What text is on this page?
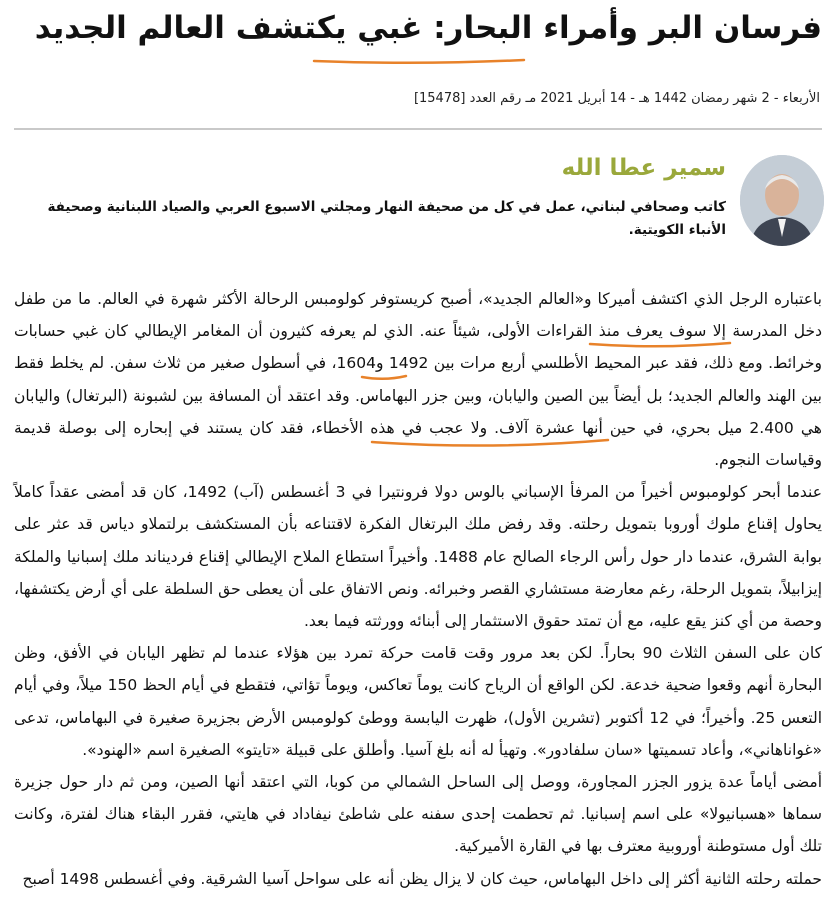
فرسان البر وأمراء البحار: غبي يكتشف العالم الجديد
الأربعاء - 2 شهر رمضان 1442 هـ - 14 أبريل 2021 مـ رقم العدد [15478]
سمير عطا الله

كاتب وصحافي لبناني، عمل في كل من صحيفة النهار ومجلتي الاسبوع العربي والصياد اللبنانية وصحيفة الأنباء الكويتية.

باعتباره الرجل الذي اكتشف أميركا و«العالم الجديد»، أصبح كريستوفر كولومبس الرحالة الأكثر شهرة في العالم. ما من طفل دخل المدرسة إلا سوف يعرف منذ القراءات الأولى، شيئاً عنه. الذي لم يعرفه كثيرون أن المغامر الإيطالي كان غبي حسابات وخرائط. ومع ذلك، فقد عبر المحيط الأطلسي أربع مرات بين 1492 و1604، في أسطول صغير من ثلاث سفن. لم يخلط فقط بين الهند والعالم الجديد؛ بل أيضاً بين الصين واليابان، وبين جزر البهاماس. وقد اعتقد أن المسافة بين لشبونة (البرتغال) واليابان هي 2.400 ميل بحري، في حين أنها عشرة آلاف. ولا عجب في هذه الأخطاء، فقد كان يستند في إبحاره إلى بوصلة قديمة وقياسات النجوم.

عندما أبحر كولومبوس أخيراً من المرفأ الإسباني بالوس دولا فرونتيرا في 3 أغسطس (آب) 1492، كان قد أمضى عقداً كاملاً يحاول إقناع ملوك أوروبا بتمويل رحلته. وقد رفض ملك البرتغال الفكرة لاقتناعه بأن المستكشف برلتملاو دياس قد عثر على بوابة الشرق، عندما دار حول رأس الرجاء الصالح عام 1488. وأخيراً استطاع الملاح الإيطالي إقناع فرديناند ملك إسبانيا والملكة إيزابيلاً، بتمويل الرحلة، رغم معارضة مستشاري القصر وخبرائه. ونص الاتفاق على أن يعطى حق السلطة على أي أرض يكتشفها، وحصة من أي كنز يقع عليه، مع أن تمتد حقوق الاستثمار إلى أبنائه وورثته فيما بعد.

كان على السفن الثلاث 90 بحاراً. لكن بعد مرور وقت قامت حركة تمرد بين هؤلاء عندما لم تظهر اليابان في الأفق، وظن البحارة أنهم وقعوا ضحية خدعة. لكن الواقع أن الرياح كانت يوماً تعاكس، ويوماً تؤاتي، فتقطع في أيام الحظ 150 ميلاً، وفي أيام التعس 25. وأخيراً؛ في 12 أكتوبر (تشرين الأول)، ظهرت اليابسة ووطئ كولومبس الأرض بجزيرة صغيرة في البهاماس، تدعى «غواناهاني»، وأعاد تسميتها «سان سلفادور». وتهيأ له أنه بلغ آسيا. وأطلق على قبيلة «تايتو» الصغيرة اسم «الهنود».

أمضى أياماً عدة يزور الجزر المجاورة، ووصل إلى الساحل الشمالي من كوبا، التي اعتقد أنها الصين، ومن ثم دار حول جزيرة سماها «هسبانيولا» على اسم إسبانيا. ثم تحطمت إحدى سفنه على شاطئ نيفاداد في هايتي، فقرر البقاء هناك لفترة، وكانت تلك أول مستوطنة أوروبية معترف بها في القارة الأميركية.

حملته رحلته الثانية أكثر إلى داخل البهاماس، حيث كان لا يزال يظن أنه على سواحل آسيا الشرقية. وفي أغسطس 1498 أصبح
